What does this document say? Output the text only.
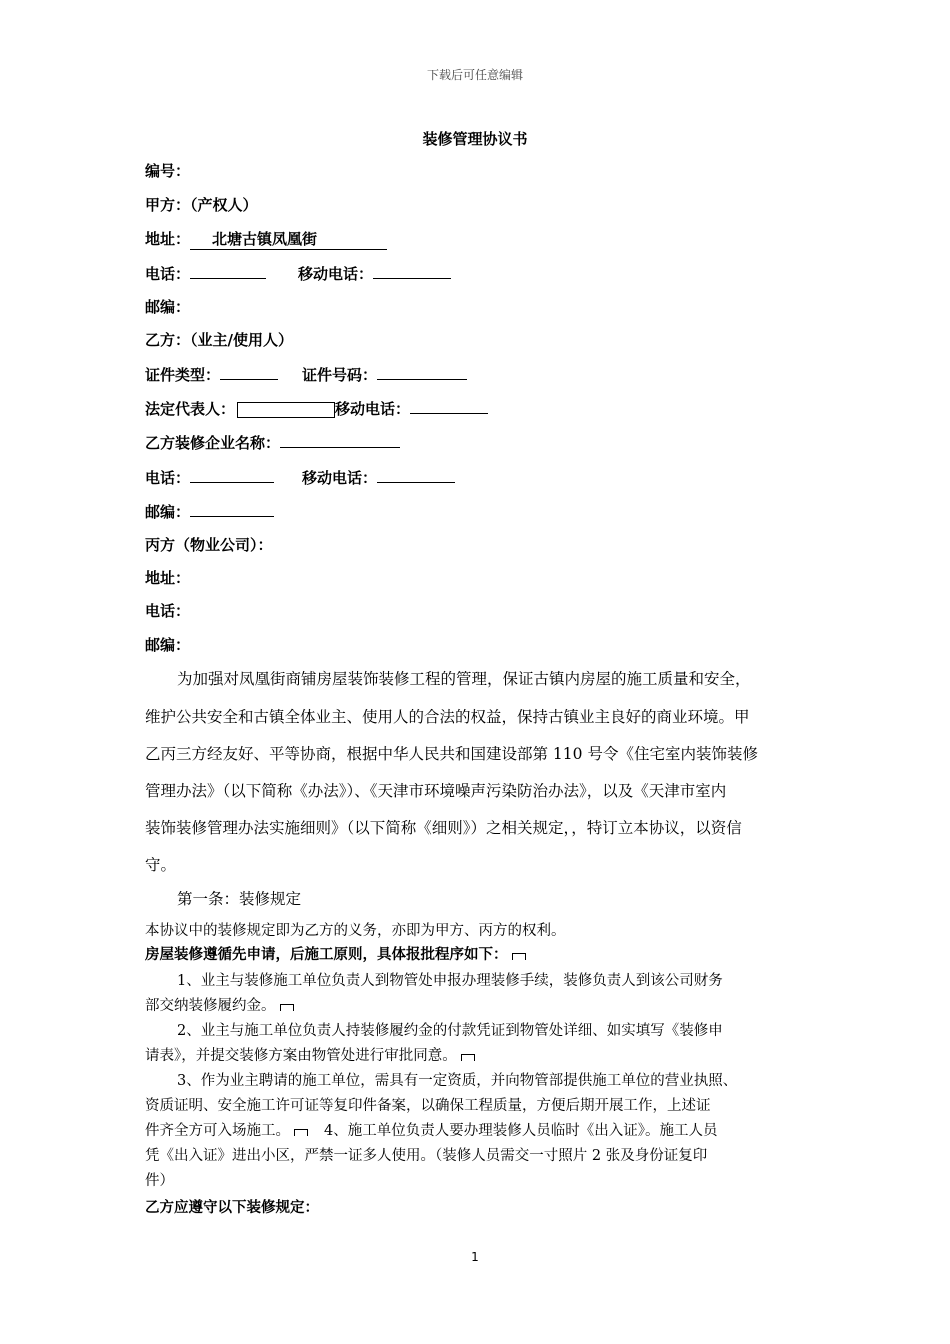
下载后可任意编辑
装修管理协议书
编号：
甲方：（产权人）
地址： 北塘古镇凤凰街
电话：	移动电话：
邮编：
乙方：（业主/使用人）
证件类型：	证件号码：
法定代表人：	移动电话：
乙方装修企业名称：
电话：	移动电话：
邮编：
丙方（物业公司）：
地址：
电话：
邮编：
为加强对凤凰街商铺房屋装饰装修工程的管理，保证古镇内房屋的施工质量和安全，
维护公共安全和古镇全体业主、使用人的合法的权益，保持古镇业主良好的商业环境。甲
乙丙三方经友好、平等协商，根据中华人民共和国建设部第 110 号令《住宅室内装饰装修
管理办法》（以下简称《办法》）、《天津市环境噪声污染防治办法》，以及《天津市室内
装饰装修管理办法实施细则》（以下简称《细则》）之相关规定，，特订立本协议，以资信
守。
第一条：装修规定
本协议中的装修规定即为乙方的义务，亦即为甲方、丙方的权利。
房屋装修遵循先申请，后施工原则，具体报批程序如下：
1、业主与装修施工单位负责人到物管处申报办理装修手续，装修负责人到该公司财务
部交纳装修履约金。
2、业主与施工单位负责人持装修履约金的付款凭证到物管处详细、如实填写《装修申
请表》，并提交装修方案由物管处进行审批同意。
3、作为业主聘请的施工单位，需具有一定资质，并向物管部提供施工单位的营业执照、
资质证明、安全施工许可证等复印件备案，以确保工程质量，方便后期开展工作，上述证
件齐全方可入场施工。 4、施工单位负责人要办理装修人员临时《出入证》。施工人员
凭《出入证》进出小区，严禁一证多人使用。（装修人员需交一寸照片 2 张及身份证复印
件）
乙方应遵守以下装修规定：
1
